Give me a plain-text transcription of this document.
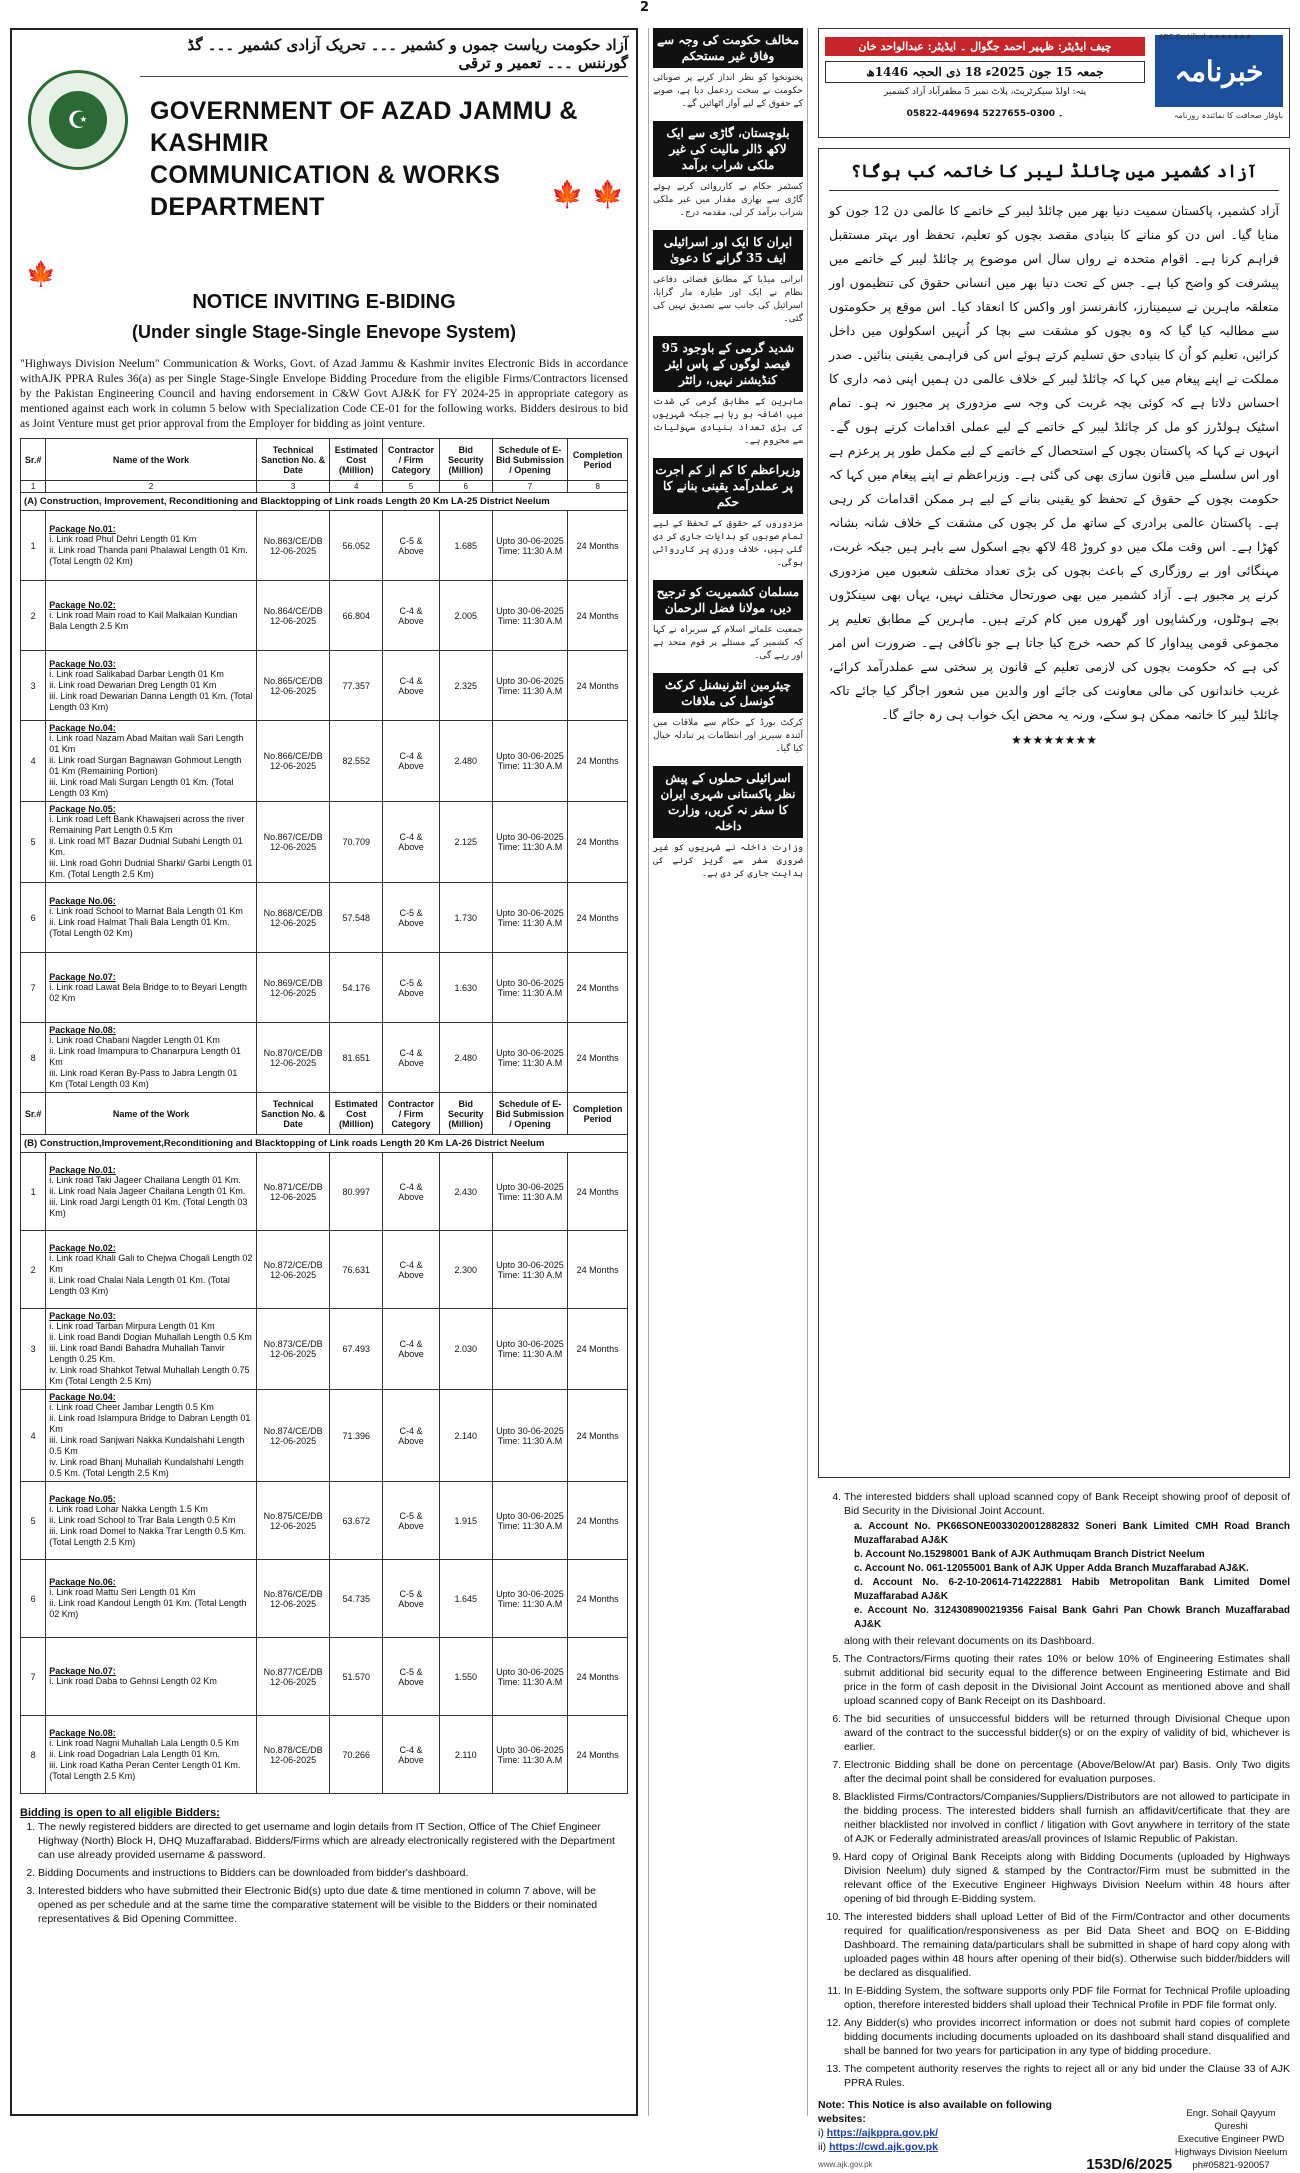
2
آزاد حکومت ریاست جموں و کشمیر ۔۔۔ تحریک آزادی کشمیر ۔۔۔ گڈ گورننس ۔۔۔ تعمیر و ترقی
☪	GOVERNMENT OF AZAD JAMMU & KASHMIR
COMMUNICATION & WORKS DEPARTMENT	🍁 🍁
🍁
NOTICE INVITING E-BIDING
(Under single Stage-Single Enevope System)
"Highways Division Neelum" Communication & Works, Govt. of Azad Jammu & Kashmir invites Electronic Bids in accordance withAJK PPRA Rules 36(a) as per Single Stage-Single Envelope Bidding Procedure from the eligible Firms/Contractors licensed by the Pakistan Engineering Council and having endorsement in C&W Govt AJ&K for FY 2024-25 in appropriate category as mentioned against each work in column 5 below with Specialization Code CE-01 for the following works. Bidders desirous to bid as Joint Venture must get prior approval from the Employer for bidding as joint venture.
Sr.#	Name of the Work	Technical Sanction No. & Date	Estimated Cost (Million)	Contractor / Firm Category	Bid Security (Million)	Schedule of E-Bid Submission / Opening	Completion Period
1	2	3	4	5	6	7	8
(A) Construction, Improvement, Reconditioning and Blacktopping of Link roads Length 20 Km LA-25 District Neelum							
1	Package No.01:
i. Link road Phul Dehri Length 01 Km
ii. Link road Thanda pani Phalawal Length 01 Km. (Total Length 02 Km)	No.863/CE/DB 12-06-2025	56.052	C-5 & Above	1.685	Upto 30-06-2025 Time: 11:30 A.M	24 Months
2	Package No.02:
i. Link road Main road to Kail Malkalan Kundian Bala Length 2.5 Km	No.864/CE/DB 12-06-2025	66.804	C-4 & Above	2.005	Upto 30-06-2025 Time: 11:30 A.M	24 Months
3	Package No.03:
i. Link road Salikabad Darbar Length 01 Km
ii. Link road Dewarian Dreg Length 01 Km
iii. Link road Dewarian Danna Length 01 Km. (Total Length 03 Km)	No.865/CE/DB 12-06-2025	77.357	C-4 & Above	2.325	Upto 30-06-2025 Time: 11:30 A.M	24 Months
4	Package No.04:
i. Link road Nazam Abad Maitan wali Sari Length 01 Km
ii. Link road Surgan Bagnawan Gohmout Length 01 Km (Remaining Portion)
iii. Link road Mali Surgan Length 01 Km. (Total Length 03 Km)	No.866/CE/DB 12-06-2025	82.552	C-4 & Above	2.480	Upto 30-06-2025 Time: 11:30 A.M	24 Months
5	Package No.05:
i. Link road Left Bank Khawajseri across the river Remaining Part Length 0.5 Km
ii. Link road MT Bazar Dudnial Subahi Length 01 Km.
iii. Link road Gohri Dudnial Sharki/ Garbi Length 01 Km. (Total Length 2.5 Km)	No.867/CE/DB 12-06-2025	70.709	C-4 & Above	2.125	Upto 30-06-2025 Time: 11:30 A.M	24 Months
6	Package No.06:
i. Link road School to Marnat Bala Length 01 Km
ii. Link road Halmat Thali Bala Length 01 Km. (Total Length 02 Km)	No.868/CE/DB 12-06-2025	57.548	C-5 & Above	1.730	Upto 30-06-2025 Time: 11:30 A.M	24 Months
7	Package No.07:
i. Link road Lawat Bela Bridge to to Beyari Length 02 Km	No.869/CE/DB 12-06-2025	54.176	C-5 & Above	1.630	Upto 30-06-2025 Time: 11:30 A.M	24 Months
8	Package No.08:
i. Link road Chabani Nagder Length 01 Km
ii. Link road Imampura to Chanarpura Length 01 Km
iii. Link road Keran By-Pass to Jabra Length 01 Km (Total Length 03 Km)	No.870/CE/DB 12-06-2025	81.651	C-4 & Above	2.480	Upto 30-06-2025 Time: 11:30 A.M	24 Months
Sr.#	Name of the Work	Technical Sanction No. & Date	Estimated Cost (Million)	Contractor / Firm Category	Bid Security (Million)	Schedule of E-Bid Submission / Opening	Completion Period
(B) Construction,Improvement,Reconditioning and Blacktopping of Link roads Length 20 Km LA-26 District Neelum							
1	Package No.01:
i. Link road Taki Jageer Chailana Length 01 Km.
ii. Link road Nala Jageer Chailana Length 01 Km.
iii. Link road Jargi Length 01 Km. (Total Length 03 Km)	No.871/CE/DB 12-06-2025	80.997	C-4 & Above	2.430	Upto 30-06-2025 Time: 11:30 A.M	24 Months
2	Package No.02:
i. Link road Khali Gali to Chejwa Chogali Length 02 Km
ii. Link road Chalai Nala Length 01 Km. (Total Length 03 Km)	No.872/CE/DB 12-06-2025	76.631	C-4 & Above	2.300	Upto 30-06-2025 Time: 11:30 A.M	24 Months
3	Package No.03:
i. Link road Tarban Mirpura Length 01 Km
ii. Link road Bandi Dogian Muhallah Length 0.5 Km
iii. Link road Bandi Bahadra Muhallah Tanvir Length 0.25 Km.
iv. Link road Shahkot Tetwal Muhallah Length 0.75 Km (Total Length 2.5 Km)	No.873/CE/DB 12-06-2025	67.493	C-4 & Above	2.030	Upto 30-06-2025 Time: 11:30 A.M	24 Months
4	Package No.04:
i. Link road Cheer Jambar Length 0.5 Km
ii. Link road Islampura Bridge to Dabran Length 01 Km
iii. Link road Sanjwari Nakka Kundalshahi Length 0.5 Km
iv. Link road Bhanj Muhallah Kundalshahi Length 0.5 Km. (Total Length 2.5 Km)	No.874/CE/DB 12-06-2025	71.396	C-4 & Above	2.140	Upto 30-06-2025 Time: 11:30 A.M	24 Months
5	Package No.05:
i. Link road Lohar Nakka Length 1.5 Km
ii. Link road School to Trar Bala Length 0.5 Km
iii. Link road Domel to Nakka Trar Length 0.5 Km. (Total Length 2.5 Km)	No.875/CE/DB 12-06-2025	63.672	C-5 & Above	1.915	Upto 30-06-2025 Time: 11:30 A.M	24 Months
6	Package No.06:
i. Link road Mattu Seri Length 01 Km
ii. Link road Kandoul Length 01 Km. (Total Length 02 Km)	No.876/CE/DB 12-06-2025	54.735	C-5 & Above	1.645	Upto 30-06-2025 Time: 11:30 A.M	24 Months
7	Package No.07:
i. Link road Daba to Gehnsi Length 02 Km	No.877/CE/DB 12-06-2025	51.570	C-5 & Above	1.550	Upto 30-06-2025 Time: 11:30 A.M	24 Months
8	Package No.08:
i. Link road Nagni Muhallah Lala Length 0.5 Km
ii. Link road Dogadrian Lala Length 01 Km.
iii. Link road Katha Peran Center Length 01 Km. (Total Length 2.5 Km)	No.878/CE/DB 12-06-2025	70.266	C-4 & Above	2.110	Upto 30-06-2025 Time: 11:30 A.M	24 Months
Bidding is open to all eligible Bidders:
1. The newly registered bidders are directed to get username and login details from IT Section, Office of The Chief Engineer Highway (North) Block H, DHQ Muzaffarabad. Bidders/Firms which are already electronically registered with the Department can use already provided username & password.
2. Bidding Documents and instructions to Bidders can be downloaded from bidder's dashboard.
3. Interested bidders who have submitted their Electronic Bid(s) upto due date & time mentioned in column 7 above, will be opened as per schedule and at the same time the comparative statement will be visible to the Bidders or their nominated representatives & Bid Opening Committee.
مخالف حکومت کی وجہ سے وفاق غیر مستحکم
پختونخوا کو نظر انداز کرنے پر صوبائی حکومت نے سخت ردعمل دیا ہے، صوبے کے حقوق کے لیے آواز اٹھائیں گے۔
بلوچستان، گاڑی سے ایک لاکھ ڈالر مالیت کی غیر ملکی شراب برآمد
کسٹمز حکام نے کارروائی کرتے ہوئے گاڑی سے بھاری مقدار میں غیر ملکی شراب برآمد کر لی، مقدمہ درج۔
ایران کا ایک اور اسرائیلی ایف 35 گرانے کا دعویٰ
ایرانی میڈیا کے مطابق فضائی دفاعی نظام نے ایک اور طیارہ مار گرایا، اسرائیل کی جانب سے تصدیق نہیں کی گئی۔
شدید گرمی کے باوجود 95 فیصد لوگوں کے پاس ایئر کنڈیشنر نہیں، رائٹر
ماہرین کے مطابق گرمی کی شدت میں اضافہ ہو رہا ہے جبکہ شہریوں کی بڑی تعداد بنیادی سہولیات سے محروم ہے۔
وزیراعظم کا کم از کم اجرت پر عملدرآمد یقینی بنانے کا حکم
مزدوروں کے حقوق کے تحفظ کے لیے تمام صوبوں کو ہدایات جاری کر دی گئی ہیں، خلاف ورزی پر کارروائی ہوگی۔
مسلمان کشمیریت کو ترجیح دیں، مولانا فضل الرحمان
جمعیت علمائے اسلام کے سربراہ نے کہا کہ کشمیر کے مسئلے پر قوم متحد ہے اور رہے گی۔
چیئرمین انٹرنیشنل کرکٹ کونسل کی ملاقات
کرکٹ بورڈ کے حکام سے ملاقات میں آئندہ سیریز اور انتظامات پر تبادلہ خیال کیا گیا۔
اسرائیلی حملوں کے پیش نظر پاکستانی شہری ایران کا سفر نہ کریں، وزارت داخلہ
وزارت داخلہ نے شہریوں کو غیر ضروری سفر سے گریز کرنے کی ہدایت جاری کر دی ہے۔
خبرنامہ
باوقار صحافت کا نمائندہ روزنامہ
چیف ایڈیٹر: ظہیر احمد جگوال ۔ ایڈیٹر: عبدالواحد خان
جمعہ 15 جون 2025ء 18 ذی الحجہ 1446ھ
پتہ: اولڈ سیکرٹریٹ، پلاٹ نمبر 5 مظفرآباد آزاد کشمیر
05822-449694 ۔ 0300-5227655
ABC Certified ★★★★★★★
آزاد کشمیر میں چائلڈ لیبر کا خاتمہ کب ہوگا؟
آزاد کشمیر، پاکستان سمیت دنیا بھر میں چائلڈ لیبر کے خاتمے کا عالمی دن 12 جون کو منایا گیا۔ اس دن کو منانے کا بنیادی مقصد بچوں کو تعلیم، تحفظ اور بہتر مستقبل فراہم کرنا ہے۔ اقوام متحدہ نے رواں سال اس موضوع پر چائلڈ لیبر کے خاتمے میں پیشرفت کو واضح کیا ہے۔ جس کے تحت دنیا بھر میں انسانی حقوق کی تنظیموں اور متعلقہ ماہرین نے سیمینارز، کانفرنسز اور واکس کا انعقاد کیا۔ اس موقع پر حکومتوں سے مطالبہ کیا گیا کہ وہ بچوں کو مشقت سے بچا کر اُنہیں اسکولوں میں داخل کرائیں، تعلیم کو اُن کا بنیادی حق تسلیم کرتے ہوئے اس کی فراہمی یقینی بنائیں۔ صدر مملکت نے اپنے پیغام میں کہا کہ چائلڈ لیبر کے خلاف عالمی دن ہمیں اپنی ذمہ داری کا احساس دلاتا ہے کہ کوئی بچہ غربت کی وجہ سے مزدوری پر مجبور نہ ہو۔ تمام اسٹیک ہولڈرز کو مل کر چائلڈ لیبر کے خاتمے کے لیے عملی اقدامات کرنے ہوں گے۔ انہوں نے کہا کہ پاکستان بچوں کے استحصال کے خاتمے کے لیے مکمل طور پر پرعزم ہے اور اس سلسلے میں قانون سازی بھی کی گئی ہے۔ وزیراعظم نے اپنے پیغام میں کہا کہ حکومت بچوں کے حقوق کے تحفظ کو یقینی بنانے کے لیے ہر ممکن اقدامات کر رہی ہے۔ پاکستان عالمی برادری کے ساتھ مل کر بچوں کی مشقت کے خلاف شانہ بشانہ کھڑا ہے۔ اس وقت ملک میں دو کروڑ 48 لاکھ بچے اسکول سے باہر ہیں جبکہ غربت، مہنگائی اور بے روزگاری کے باعث بچوں کی بڑی تعداد مختلف شعبوں میں مزدوری کرنے پر مجبور ہے۔ آزاد کشمیر میں بھی صورتحال مختلف نہیں، یہاں بھی سینکڑوں بچے ہوٹلوں، ورکشاپوں اور گھروں میں کام کرتے ہیں۔ ماہرین کے مطابق تعلیم پر مجموعی قومی پیداوار کا کم حصہ خرچ کیا جاتا ہے جو ناکافی ہے۔ ضرورت اس امر کی ہے کہ حکومت بچوں کی لازمی تعلیم کے قانون پر سختی سے عملدرآمد کرائے، غریب خاندانوں کی مالی معاونت کی جائے اور والدین میں شعور اجاگر کیا جائے تاکہ چائلڈ لیبر کا خاتمہ ممکن ہو سکے، ورنہ یہ محض ایک خواب ہی رہ جائے گا۔
★★★★★★★★
4. The interested bidders shall upload scanned copy of Bank Receipt showing proof of deposit of Bid Security in the Divisional Joint Account.
a. Account No. PK66SONE0033020012882832 Soneri Bank Limited CMH Road Branch Muzaffarabad AJ&K
b. Account No.15298001 Bank of AJK Authmuqam Branch District Neelum
c. Account No. 061-12055001 Bank of AJK Upper Adda Branch Muzaffarabad AJ&K.
d. Account No. 6-2-10-20614-714222881 Habib Metropolitan Bank Limited Domel Muzaffarabad AJ&K
e. Account No. 3124308900219356 Faisal Bank Gahri Pan Chowk Branch Muzaffarabad AJ&K
along with their relevant documents on its Dashboard.
5. The Contractors/Firms quoting their rates 10% or below 10% of Engineering Estimates shall submit additional bid security equal to the difference between Engineering Estimate and Bid price in the form of cash deposit in the Divisional Joint Account as mentioned above and shall upload scanned copy of Bank Receipt on its Dashboard.
6. The bid securities of unsuccessful bidders will be returned through Divisional Cheque upon award of the contract to the successful bidder(s) or on the expiry of validity of bid, whichever is earlier.
7. Electronic Bidding shall be done on percentage (Above/Below/At par) Basis. Only Two digits after the decimal point shall be considered for evaluation purposes.
8. Blacklisted Firms/Contractors/Companies/Suppliers/Distributors are not allowed to participate in the bidding process. The interested bidders shall furnish an affidavit/certificate that they are neither blacklisted nor involved in conflict / litigation with Govt anywhere in territory of the state of AJK or Federally administrated areas/all provinces of Islamic Republic of Pakistan.
9. Hard copy of Original Bank Receipts along with Bidding Documents (uploaded by Highways Division Neelum) duly signed & stamped by the Contractor/Firm must be submitted in the relevant office of the Executive Engineer Highways Division Neelum within 48 hours after opening of bid through E-Bidding system.
10. The interested bidders shall upload Letter of Bid of the Firm/Contractor and other documents required for qualification/responsiveness as per Bid Data Sheet and BOQ on E-Bidding Dashboard. The remaining data/particulars shall be submitted in shape of hard copy along with uploaded pages within 48 hours after opening of their bid(s). Otherwise such bidder/bidders will be declared as disqualified.
11. In E-Bidding System, the software supports only PDF file Format for Technical Profile uploading option, therefore interested bidders shall upload their Technical Profile in PDF file format only.
12. Any Bidder(s) who provides incorrect information or does not submit hard copies of complete bidding documents including documents uploaded on its dashboard shall stand disqualified and shall be banned for two years for participation in any type of bidding procedure.
13. The competent authority reserves the rights to reject all or any bid under the Clause 33 of AJK PPRA Rules.
Note: This Notice is also available on following websites:
i) https://ajkppra.gov.pk/
ii) https://cwd.ajk.gov.pk
www.ajk.gov.pk	153D/6/2025
Engr. Sohail Qayyum Qureshi
Executive Engineer PWD
Highways Division Neelum
ph#05821-920057
